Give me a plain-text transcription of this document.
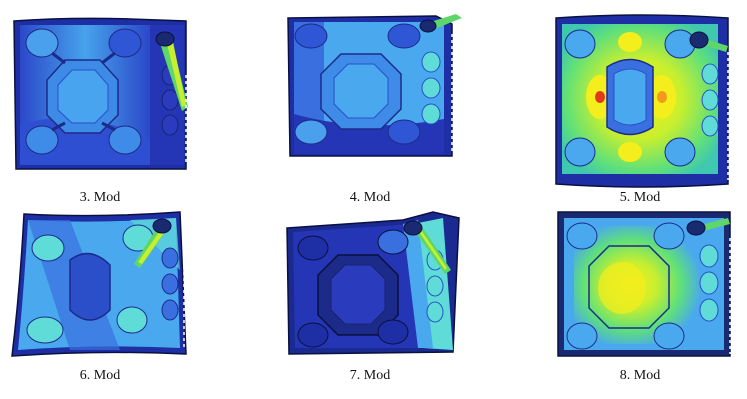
3. Mod	4. Mod	5. Mod
6. Mod	7. Mod	8. Mod
